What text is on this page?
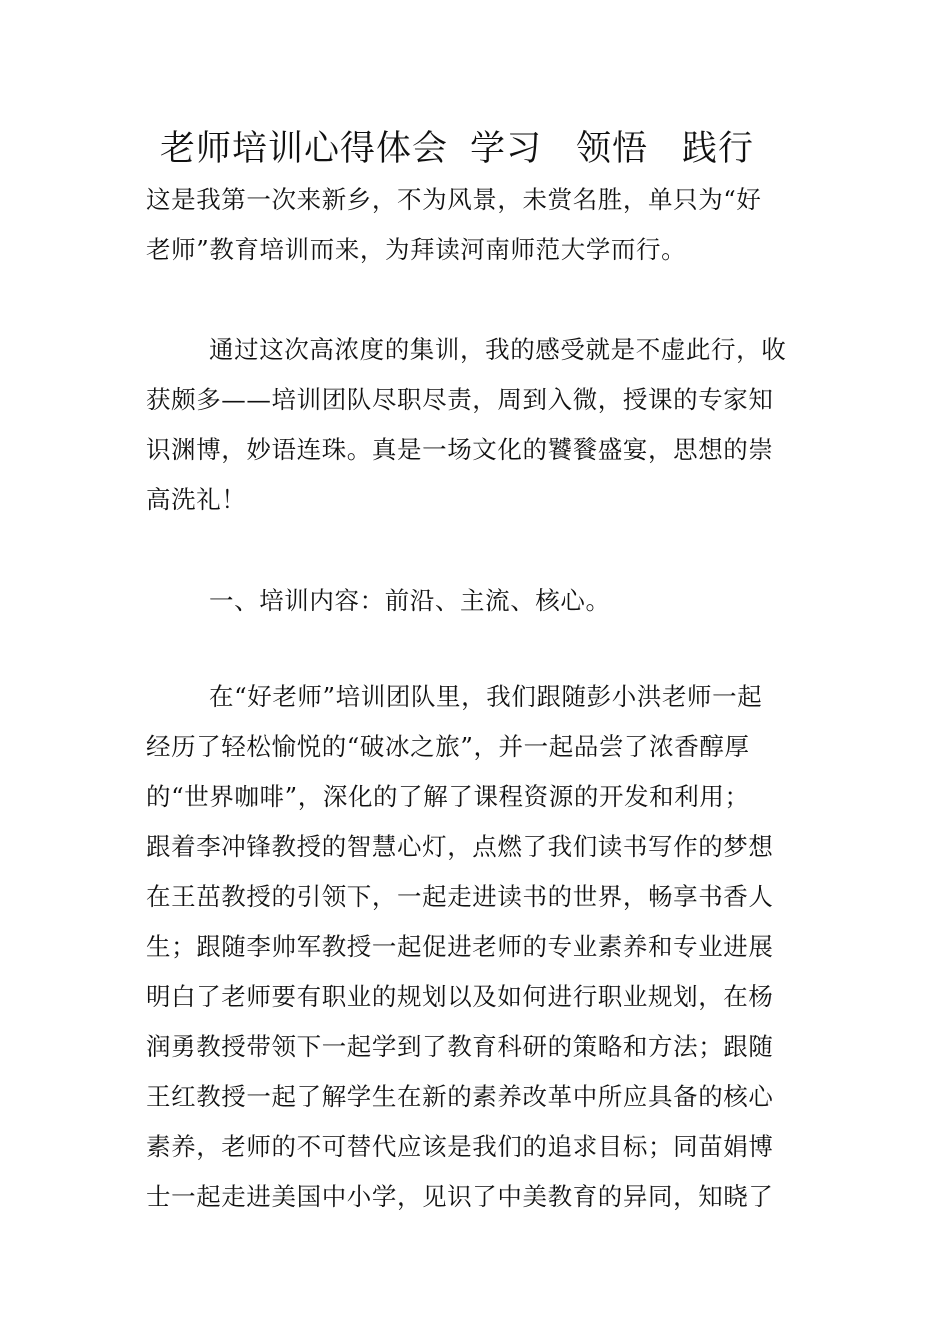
老师培训心得体会 学习 领悟 践行

这是我第一次来新乡，不为风景，未赏名胜，单只为“好

老师”教育培训而来，为拜读河南师范大学而行。

通过这次高浓度的集训，我的感受就是不虚此行，收

获颇多——培训团队尽职尽责，周到入微，授课的专家知

识渊博，妙语连珠。真是一场文化的饕餮盛宴，思想的崇

高洗礼！

一、培训内容：前沿、主流、核心。

在“好老师”培训团队里，我们跟随彭小洪老师一起

经历了轻松愉悦的“破冰之旅”，并一起品尝了浓香醇厚

的“世界咖啡”，深化的了解了课程资源的开发和利用；

跟着李冲锋教授的智慧心灯，点燃了我们读书写作的梦想

在王茁教授的引领下，一起走进读书的世界，畅享书香人

生；跟随李帅军教授一起促进老师的专业素养和专业进展

明白了老师要有职业的规划以及如何进行职业规划，在杨

润勇教授带领下一起学到了教育科研的策略和方法；跟随

王红教授一起了解学生在新的素养改革中所应具备的核心

素养，老师的不可替代应该是我们的追求目标；同苗娟博

士一起走进美国中小学，见识了中美教育的异同，知晓了
